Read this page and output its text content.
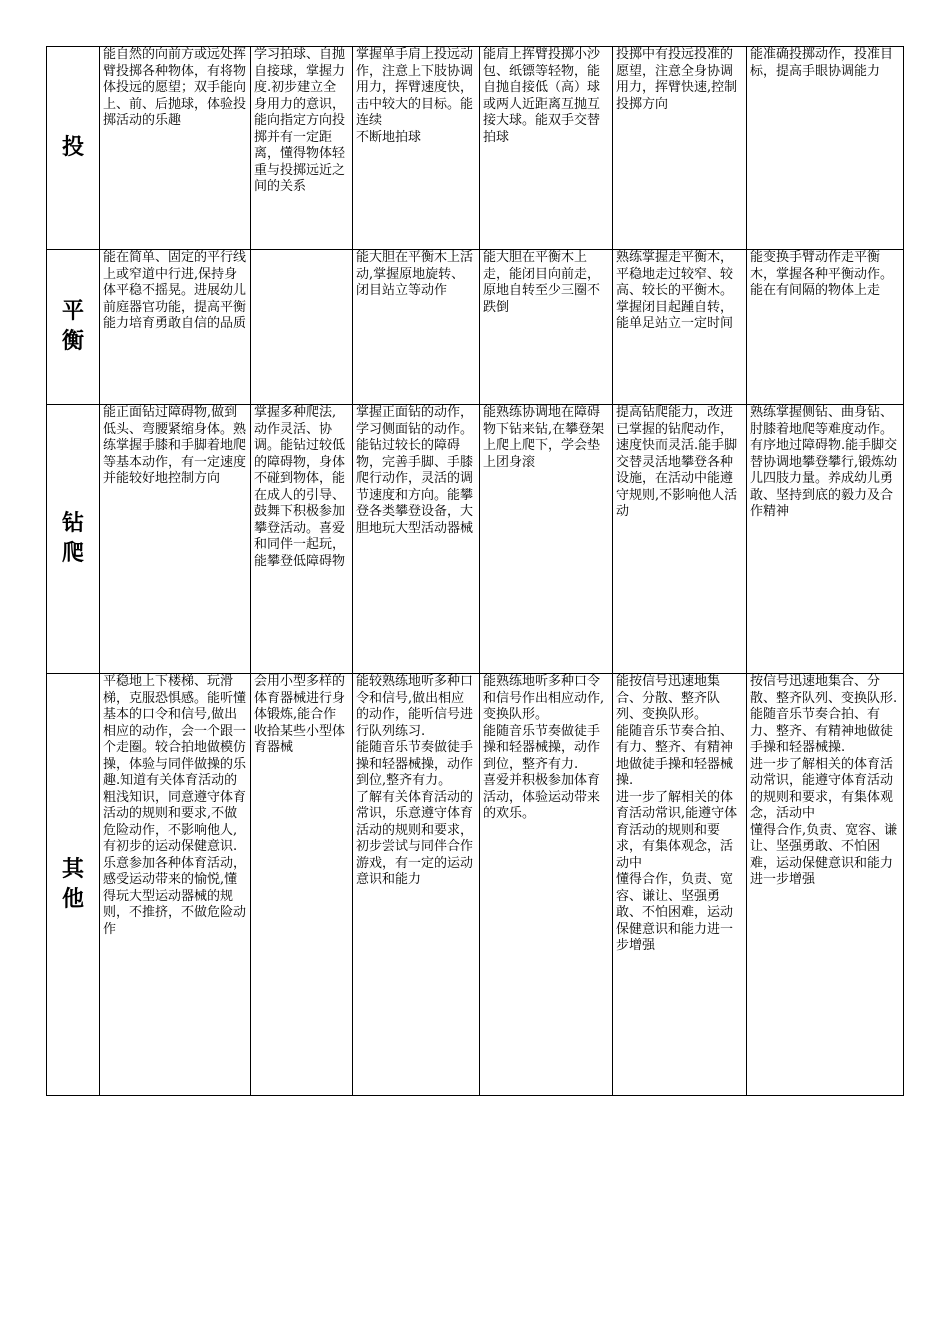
投	能自然的向前方或远处挥臂投掷各种物体，有将物体投远的愿望；双手能向上、前、后抛球，体验投掷活动的乐趣	学习拍球、自抛自接球，掌握力度.初步建立全身用力的意识，能向指定方向投掷并有一定距离，懂得物体轻重与投掷远近之间的关系	掌握单手肩上投远动作，注意上下肢协调用力，挥臂速度快，击中较大的目标。能连续
不断地拍球	能肩上挥臂投掷小沙包、纸镖等轻物，能自抛自接低（高）球或两人近距离互抛互接大球。能双手交替拍球	投掷中有投远投准的愿望，注意全身协调用力，挥臂快速,控制投掷方向	能准确投掷动作，投准目标，提高手眼协调能力
平衡	能在简单、固定的平行线上或窄道中行进,保持身体平稳不摇晃。进展幼儿前庭器官功能，提高平衡能力培育勇敢自信的品质		能大胆在平衡木上活动,掌握原地旋转、闭目站立等动作	能大胆在平衡木上走，能闭目向前走，原地自转至少三圈不跌倒	熟练掌握走平衡木，平稳地走过较窄、较高、较长的平衡木。掌握闭目起踵自转，能单足站立一定时间	能变换手臂动作走平衡木，掌握各种平衡动作。能在有间隔的物体上走
钻爬	能正面钻过障碍物,做到低头、弯腰紧缩身体。熟练掌握手膝和手脚着地爬等基本动作，有一定速度并能较好地控制方向	掌握多种爬法,动作灵活、协调。能钻过较低的障碍物，身体不碰到物体，能在成人的引导、鼓舞下积极参加攀登活动。喜爱和同伴一起玩，能攀登低障碍物	掌握正面钻的动作，学习侧面钻的动作。能钻过较长的障碍物，完善手脚、手膝爬行动作，灵活的调节速度和方向。能攀登各类攀登设备，大胆地玩大型活动器械	能熟练协调地在障碍物下钻来钻,在攀登架上爬上爬下，学会垫上团身滚	提高钻爬能力，改进已掌握的钻爬动作，速度快而灵活.能手脚交替灵活地攀登各种设施，在活动中能遵守规则,不影响他人活动	熟练掌握侧钻、曲身钻、肘膝着地爬等难度动作。有序地过障碍物.能手脚交替协调地攀登攀行,锻炼幼儿四肢力量。养成幼儿勇敢、坚持到底的毅力及合
作精神
其他	平稳地上下楼梯、玩滑梯，克服恐惧感。能听懂基本的口令和信号,做出相应的动作，会一个跟一个走圈。较合拍地做模仿操，体验与同伴做操的乐趣.知道有关体育活动的粗浅知识，同意遵守体育活动的规则和要求,不做危险动作，不影响他人,有初步的运动保健意识.乐意参加各种体育活动，感受运动带来的愉悦,懂得玩大型运动器械的规则，不推挤，不做危险动作	会用小型多样的体育器械进行身体锻炼,能合作收拾某些小型体育器械	能较熟练地听多种口令和信号,做出相应的动作，能听信号进行队列练习.
能随音乐节奏做徒手操和轻器械操，动作到位,整齐有力。
了解有关体育活动的常识，乐意遵守体育活动的规则和要求，初步尝试与同伴合作游戏，有一定的运动意识和能力	能熟练地听多种口令和信号作出相应动作,变换队形。
能随音乐节奏做徒手操和轻器械操，动作到位，整齐有力.
喜爱并积极参加体育活动，体验运动带来的欢乐。	能按信号迅速地集合、分散、整齐队列、变换队形。
能随音乐节奏合拍、有力、整齐、有精神地做徒手操和轻器械操.
进一步了解相关的体育活动常识,能遵守体育活动的规则和要求，有集体观念，活动中
懂得合作，负责、宽容、谦让、坚强勇敢、不怕困难，运动保健意识和能力进一步增强	按信号迅速地集合、分散、整齐队列、变换队形.
能随音乐节奏合拍、有力、整齐、有精神地做徒手操和轻器械操.
进一步了解相关的体育活动常识，能遵守体育活动的规则和要求，有集体观念，活动中
懂得合作,负责、宽容、谦让、坚强勇敢、不怕困难，运动保健意识和能力进一步增强
